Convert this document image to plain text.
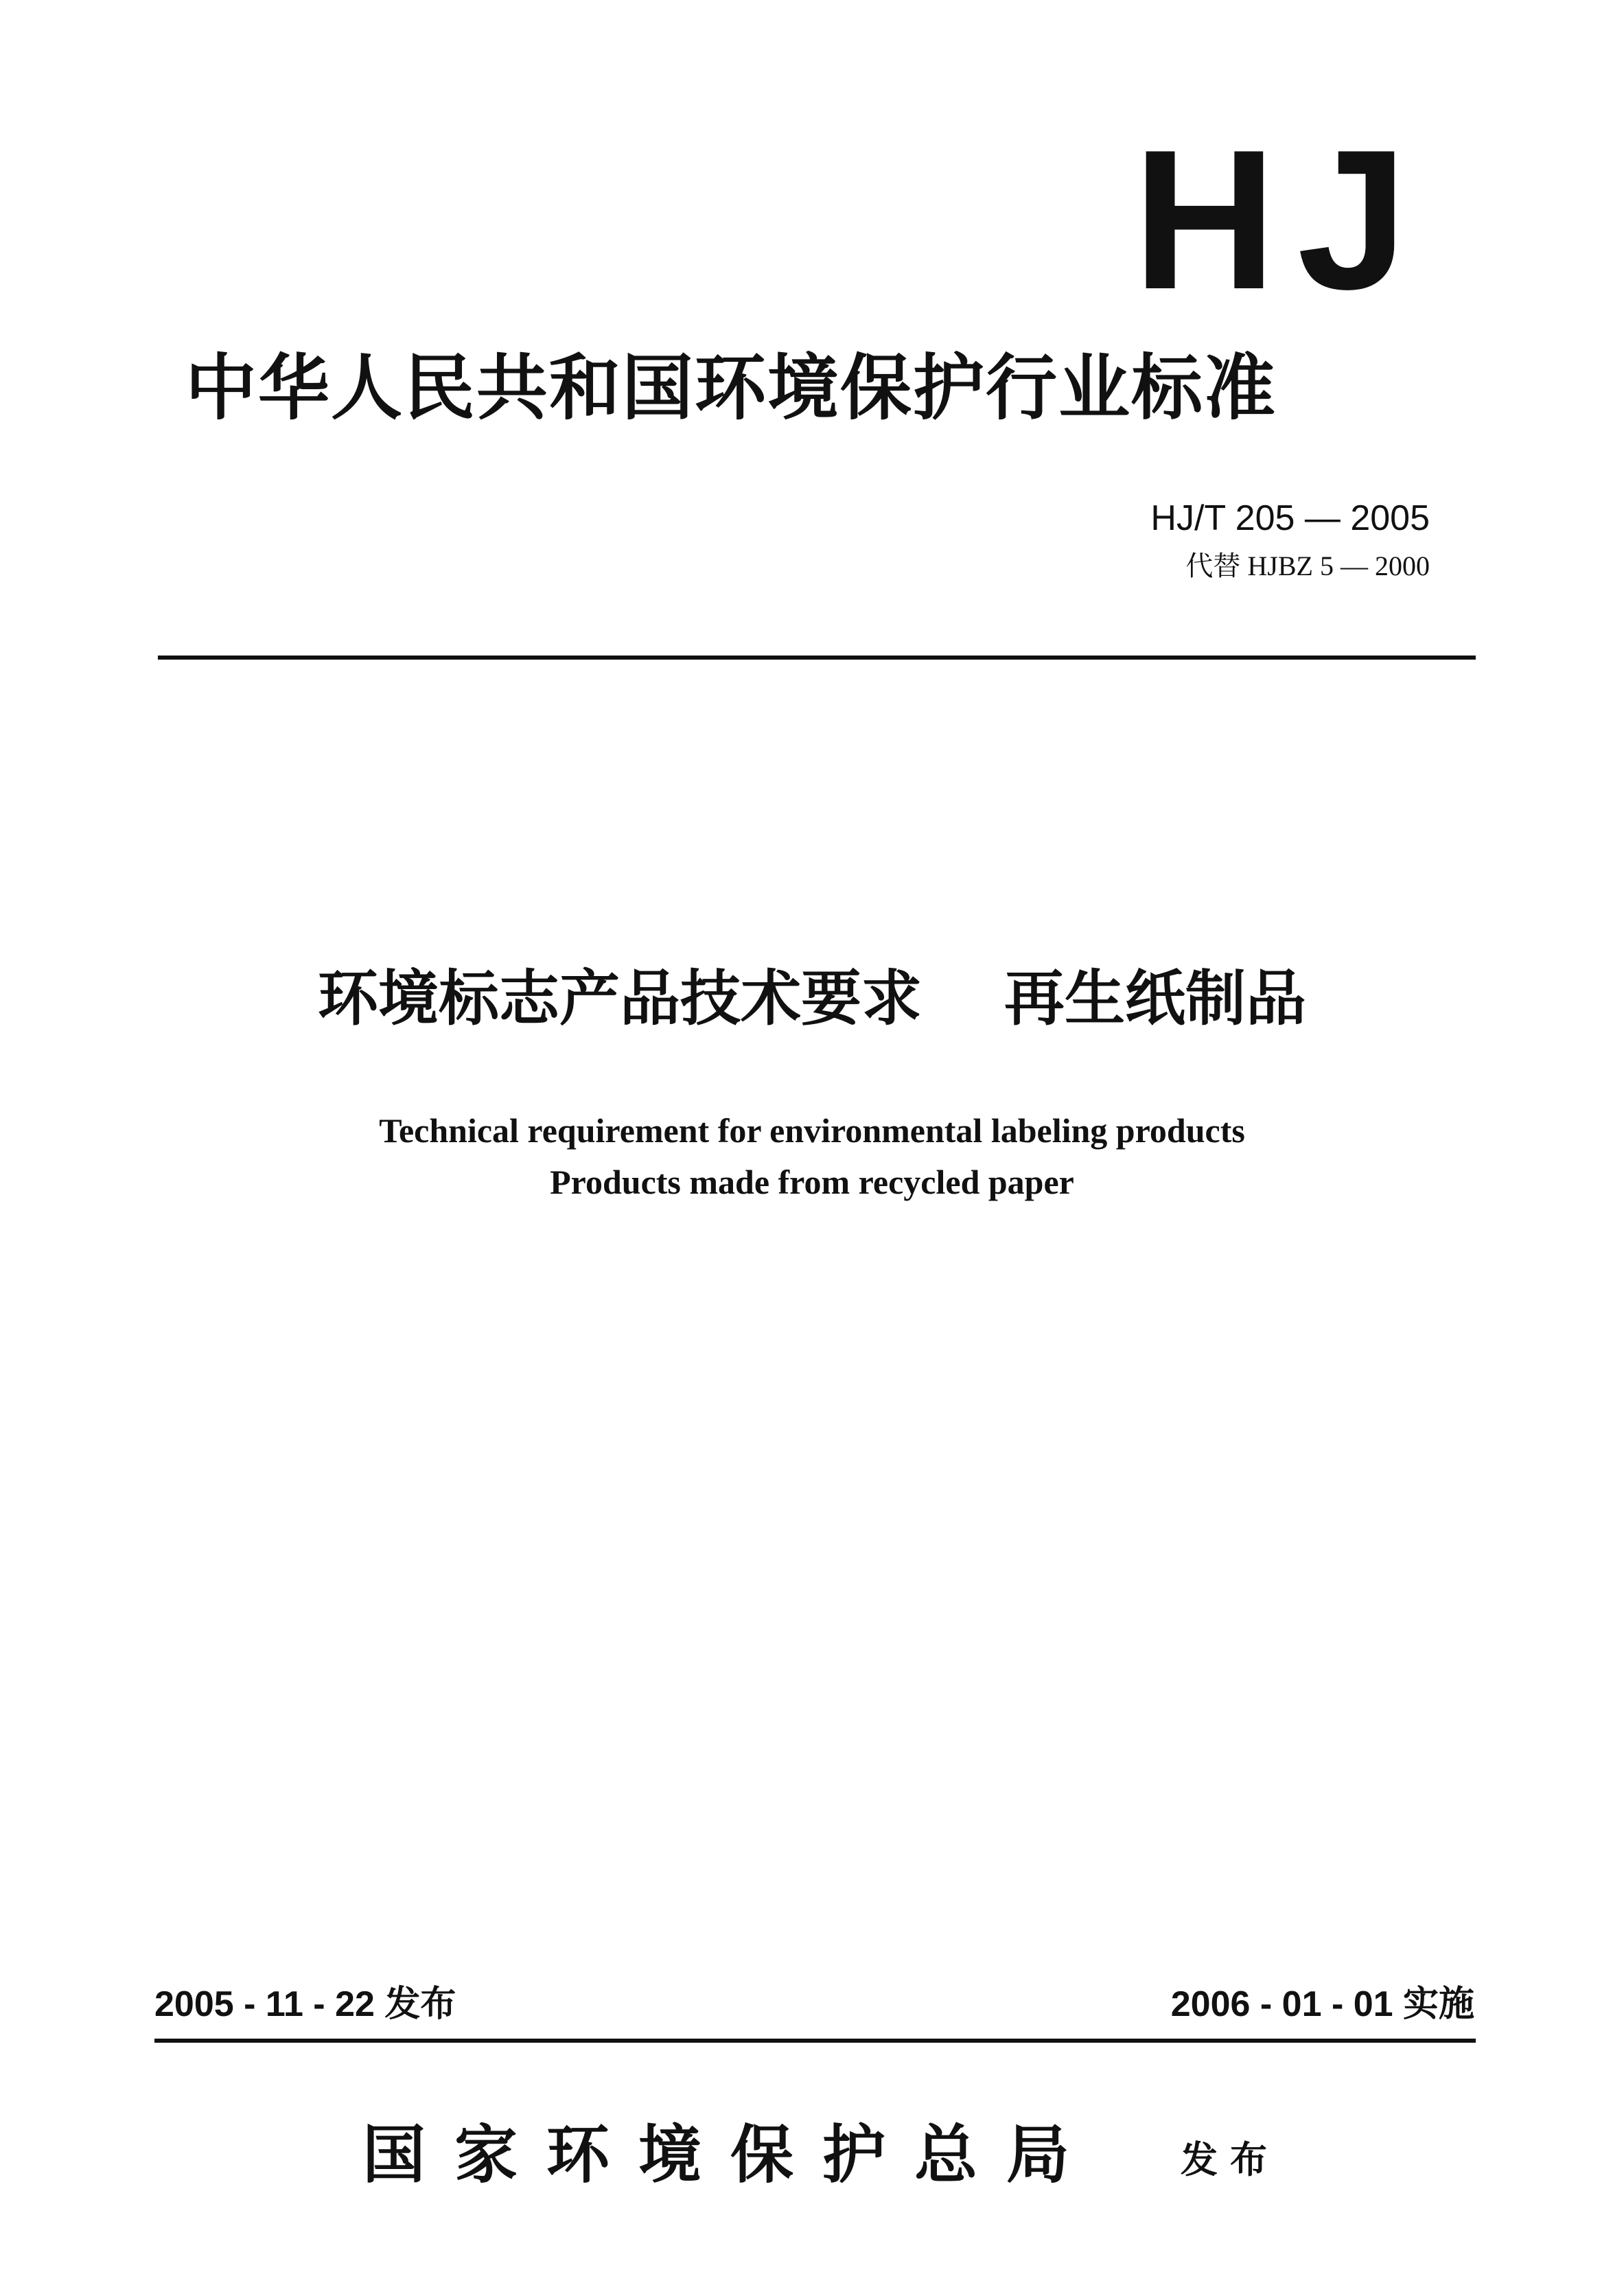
HJ
中华人民共和国环境保护行业标准
HJ/T 205 — 2005
代替 HJBZ 5 — 2000
环境标志产品技术要求 再生纸制品
Technical requirement for environmental labeling products
Products made from recycled paper
2005 - 11 - 22 发布	2006 - 01 - 01 实施
国家环境保护总局 发布
